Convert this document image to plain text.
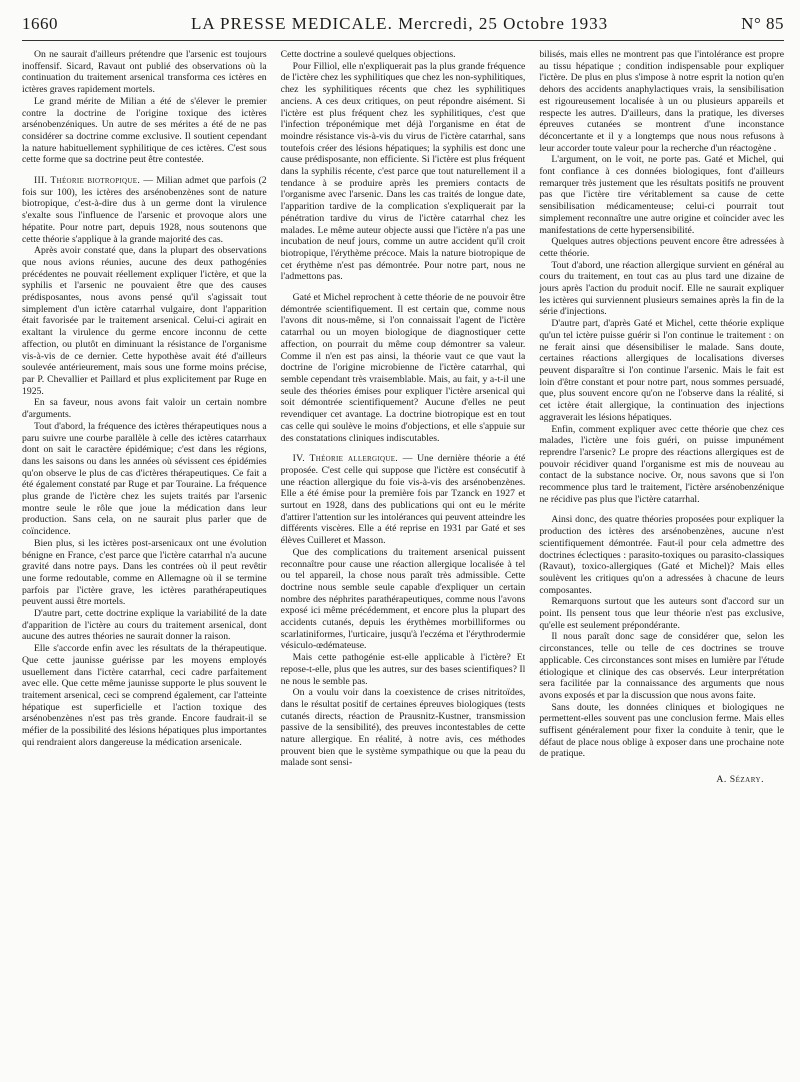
1660	LA PRESSE MEDICALE. Mercredi, 25 Octobre 1933	N° 85

On ne saurait d'ailleurs prétendre que l'arsenic est toujours inoffensif. Sicard, Ravaut ont publié des observations où la continuation du traitement arsenical transforma ces ictères en ictères graves rapidement mortels.

Le grand mérite de Milian a été de s'élever le premier contre la doctrine de l'origine toxique des ictères arsénobenzéniques. Un autre de ses mérites a été de ne pas considérer sa doctrine comme exclusive. Il soutient cependant la nature habituellement syphilitique de ces ictères. C'est sous cette forme que sa doctrine peut être contestée.

III. Théorie biotropique. — Milian admet que parfois (2 fois sur 100), les ictères des arsénobenzènes sont de nature biotropique, c'est-à-dire dus à un germe dont la virulence s'exalte sous l'influence de l'arsenic et provoque alors une hépatite. Pour notre part, depuis 1928, nous soutenons que cette théorie s'applique à la grande majorité des cas.

Après avoir constaté que, dans la plupart des observations que nous avions réunies, aucune des deux pathogénies précédentes ne pouvait réellement expliquer l'ictère, et que la syphilis et l'arsenic ne pouvaient être que des causes prédisposantes, nous avons pensé qu'il s'agissait tout simplement d'un ictère catarrhal vulgaire, dont l'apparition était favorisée par le traitement arsenical. Celui-ci agirait en exaltant la virulence du germe encore inconnu de cette affection, ou plutôt en diminuant la résistance de l'organisme vis-à-vis de ce dernier. Cette hypothèse avait été d'ailleurs soulevée antérieurement, mais sous une forme moins précise, par P. Chevallier et Paillard et plus explicitement par Ruge en 1925.

En sa faveur, nous avons fait valoir un certain nombre d'arguments.

Tout d'abord, la fréquence des ictères thérapeutiques nous a paru suivre une courbe parallèle à celle des ictères catarrhaux dont on sait le caractère épidémique; c'est dans les régions, dans les saisons ou dans les années où sévissent ces épidémies qu'on observe le plus de cas d'ictères thérapeutiques. Ce fait a été également constaté par Ruge et par Touraine. La fréquence plus grande de l'ictère chez les sujets traités par l'arsenic montre seule le rôle que joue la médication dans leur production. Sans cela, on ne saurait plus parler que de coïncidence.

Bien plus, si les ictères post-arsenicaux ont une évolution bénigne en France, c'est parce que l'ictère catarrhal n'a aucune gravité dans notre pays. Dans les contrées où il peut revêtir une forme redoutable, comme en Allemagne où il se termine parfois par l'ictère grave, les ictères parathérapeutiques peuvent aussi être mortels.

D'autre part, cette doctrine explique la variabilité de la date d'apparition de l'ictère au cours du traitement arsenical, dont aucune des autres théories ne saurait donner la raison.

Elle s'accorde enfin avec les résultats de la thérapeutique. Que cette jaunisse guérisse par les moyens employés usuellement dans l'ictère catarrhal, ceci cadre parfaitement avec elle. Que cette même jaunisse supporte le plus souvent le traitement arsenical, ceci se comprend également, car l'atteinte hépatique est superficielle et l'action toxique des arsénobenzènes n'est pas très grande. Encore faudrait-il se méfier de la possibilité des lésions hépatiques plus importantes qui rendraient alors dangereuse la médication arsenicale.

Cette doctrine a soulevé quelques objections.

Pour Filliol, elle n'expliquerait pas la plus grande fréquence de l'ictère chez les syphilitiques que chez les non-syphilitiques, chez les syphilitiques récents que chez les syphilitiques anciens. A ces deux critiques, on peut répondre aisément. Si l'ictère est plus fréquent chez les syphilitiques, c'est que l'infection tréponémique met déjà l'organisme en état de moindre résistance vis-à-vis du virus de l'ictère catarrhal, sans toutefois créer des lésions hépatiques; la syphilis est donc une cause prédisposante, non efficiente. Si l'ictère est plus fréquent dans la syphilis récente, c'est parce que tout naturellement il a tendance à se produire après les premiers contacts de l'organisme avec l'arsenic. Dans les cas traités de longue date, l'apparition tardive de la complication s'expliquerait par la pénétration tardive du virus de l'ictère catarrhal chez les malades. Le même auteur objecte aussi que l'ictère n'a pas une incubation de neuf jours, comme un autre accident qu'il croit biotropique, l'érythème précoce. Mais la nature biotropique de cet érythème n'est pas démontrée. Pour notre part, nous ne l'admettons pas.

Gaté et Michel reprochent à cette théorie de ne pouvoir être démontrée scientifiquement. Il est certain que, comme nous l'avons dit nous-même, si l'on connaissait l'agent de l'ictère catarrhal ou un moyen biologique de diagnostiquer cette affection, on pourrait du même coup démontrer sa valeur. Comme il n'en est pas ainsi, la théorie vaut ce que vaut la doctrine de l'origine microbienne de l'ictère catarrhal, qui semble cependant très vraisemblable. Mais, au fait, y a-t-il une seule des théories émises pour expliquer l'ictère arsenical qui soit démontrée scientifiquement? Aucune d'elles ne peut revendiquer cet avantage. La doctrine biotropique est en tout cas celle qui soulève le moins d'objections, et elle s'appuie sur des constatations cliniques indiscutables.

IV. Théorie allergique. — Une dernière théorie a été proposée. C'est celle qui suppose que l'ictère est consécutif à une réaction allergique du foie vis-à-vis des arsénobenzènes. Elle a été émise pour la première fois par Tzanck en 1927 et surtout en 1928, dans des publications qui ont eu le mérite d'attirer l'attention sur les intolérances qui peuvent atteindre les différents viscères. Elle a été reprise en 1931 par Gaté et ses élèves Cuilleret et Masson.

Que des complications du traitement arsenical puissent reconnaître pour cause une réaction allergique localisée à tel ou tel appareil, la chose nous paraît très admissible. Cette doctrine nous semble seule capable d'expliquer un certain nombre des néphrites parathérapeutiques, comme nous l'avons exposé ici même précédemment, et encore plus la plupart des accidents cutanés, depuis les érythèmes morbilliformes ou scarlatiniformes, l'urticaire, jusqu'à l'eczéma et l'érythrodermie vésiculo-œdémateuse.

Mais cette pathogénie est-elle applicable à l'ictère? Et repose-t-elle, plus que les autres, sur des bases scientifiques? Il ne nous le semble pas.

On a voulu voir dans la coexistence de crises nitritoïdes, dans le résultat positif de certaines épreuves biologiques (tests cutanés directs, réaction de Prausnitz-Kustner, transmission passive de la sensibilité), des preuves incontestables de cette nature allergique. En réalité, à notre avis, ces méthodes prouvent bien que le système sympathique ou que la peau du malade sont sensi-

bilisés, mais elles ne montrent pas que l'intolérance est propre au tissu hépatique ; condition indispensable pour expliquer l'ictère. De plus en plus s'impose à notre esprit la notion qu'en dehors des accidents anaphylactiques vrais, la sensibilisation est rigoureusement localisée à un ou plusieurs appareils et respecte les autres. D'ailleurs, dans la pratique, les diverses épreuves cutanées se montrent d'une inconstance déconcertante et il y a longtemps que nous nous refusons à leur accorder toute valeur pour la recherche d'un réactogène .

L'argument, on le voit, ne porte pas. Gaté et Michel, qui font confiance à ces données biologiques, font d'ailleurs remarquer très justement que les résultats positifs ne prouvent pas que l'ictère tire véritablement sa cause de cette sensibilisation médicamenteuse; celui-ci pourrait tout simplement reconnaître une autre origine et coïncider avec les manifestations de cette hypersensibilité.

Quelques autres objections peuvent encore être adressées à cette théorie.

Tout d'abord, une réaction allergique survient en général au cours du traitement, en tout cas au plus tard une dizaine de jours après l'action du produit nocif. Elle ne saurait expliquer les ictères qui surviennent plusieurs semaines après la fin de la série d'injections.

D'autre part, d'après Gaté et Michel, cette théorie explique qu'un tel ictère puisse guérir si l'on continue le traitement : on ne ferait ainsi que désensibiliser le malade. Sans doute, certaines réactions allergiques de localisations diverses peuvent disparaître si l'on continue l'arsenic. Mais le fait est loin d'être constant et pour notre part, nous sommes persuadé, que, plus souvent encore qu'on ne l'observe dans la réalité, si cet ictère était allergique, la continuation des injections aggraverait les lésions hépatiques.

Enfin, comment expliquer avec cette théorie que chez ces malades, l'ictère une fois guéri, on puisse impunément reprendre l'arsenic? Le propre des réactions allergiques est de pouvoir récidiver quand l'organisme est mis de nouveau au contact de la substance nocive. Or, nous savons que si l'on recommence plus tard le traitement, l'ictère arsénobenzénique ne récidive pas plus que l'ictère catarrhal.

Ainsi donc, des quatre théories proposées pour expliquer la production des ictères des arsénobenzènes, aucune n'est scientifiquement démontrée. Faut-il pour cela admettre des doctrines éclectiques : parasito-toxiques ou parasito-classiques (Ravaut), toxico-allergiques (Gaté et Michel)? Mais elles soulèvent les critiques qu'on a adressées à chacune de leurs composantes.

Remarquons surtout que les auteurs sont d'accord sur un point. Ils pensent tous que leur théorie n'est pas exclusive, qu'elle est seulement prépondérante.

Il nous paraît donc sage de considérer que, selon les circonstances, telle ou telle de ces doctrines se trouve applicable. Ces circonstances sont mises en lumière par l'étude étiologique et clinique des cas observés. Leur interprétation sera facilitée par la connaissance des arguments que nous avons exposés et par la discussion que nous avons faite.

Sans doute, les données cliniques et biologiques ne permettent-elles souvent pas une conclusion ferme. Mais elles suffisent généralement pour fixer la conduite à tenir, que le défaut de place nous oblige à exposer dans une prochaine note de pratique.

A. Sézary.
